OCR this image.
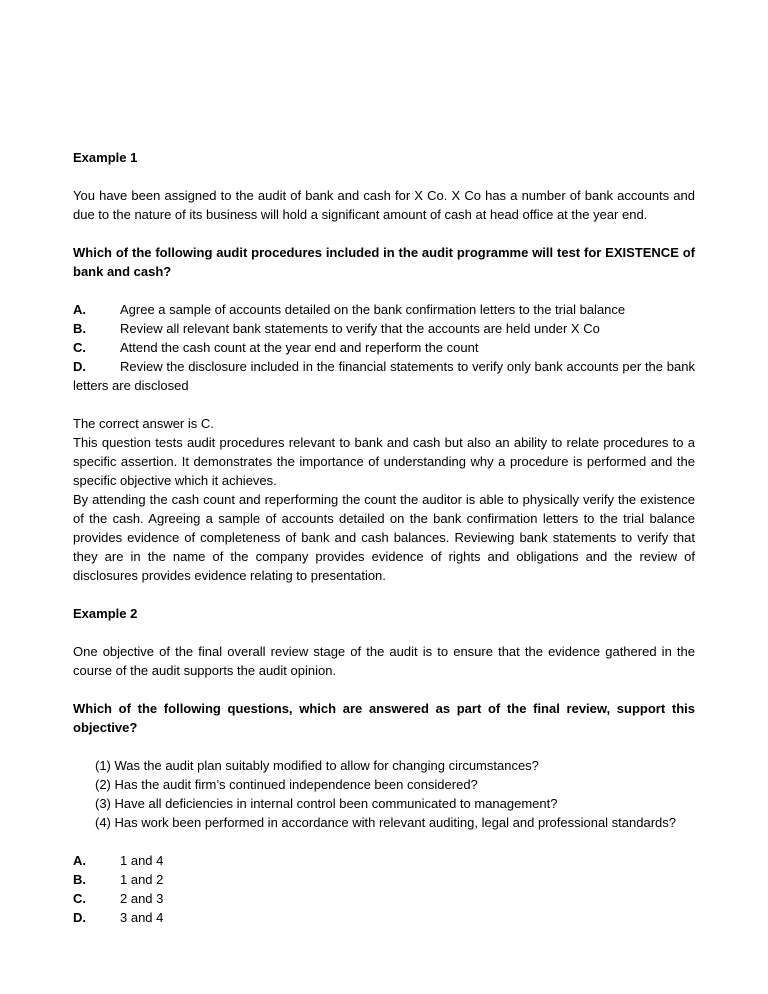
Example 1

You have been assigned to the audit of bank and cash for X Co. X Co has a number of bank accounts and due to the nature of its business will hold a significant amount of cash at head office at the year end.

Which of the following audit procedures included in the audit programme will test for EXISTENCE of bank and cash?

A.	Agree a sample of accounts detailed on the bank confirmation letters to the trial balance

B.	Review all relevant bank statements to verify that the accounts are held under X Co

C.	Attend the cash count at the year end and reperform the count

D.	Review the disclosure included in the financial statements to verify only bank accounts per the bank letters are disclosed

The correct answer is C.

This question tests audit procedures relevant to bank and cash but also an ability to relate procedures to a specific assertion. It demonstrates the importance of understanding why a procedure is performed and the specific objective which it achieves.

By attending the cash count and reperforming the count the auditor is able to physically verify the existence of the cash. Agreeing a sample of accounts detailed on the bank confirmation letters to the trial balance provides evidence of completeness of bank and cash balances. Reviewing bank statements to verify that they are in the name of the company provides evidence of rights and obligations and the review of disclosures provides evidence relating to presentation.

Example 2

One objective of the final overall review stage of the audit is to ensure that the evidence gathered in the course of the audit supports the audit opinion.

Which of the following questions, which are answered as part of the final review, support this objective?

(1) Was the audit plan suitably modified to allow for changing circumstances?

(2) Has the audit firm’s continued independence been considered?

(3) Have all deficiencies in internal control been communicated to management?

(4) Has work been performed in accordance with relevant auditing, legal and professional standards?

A.	1 and 4

B.	1 and 2

C.	2 and 3

D.	3 and 4
